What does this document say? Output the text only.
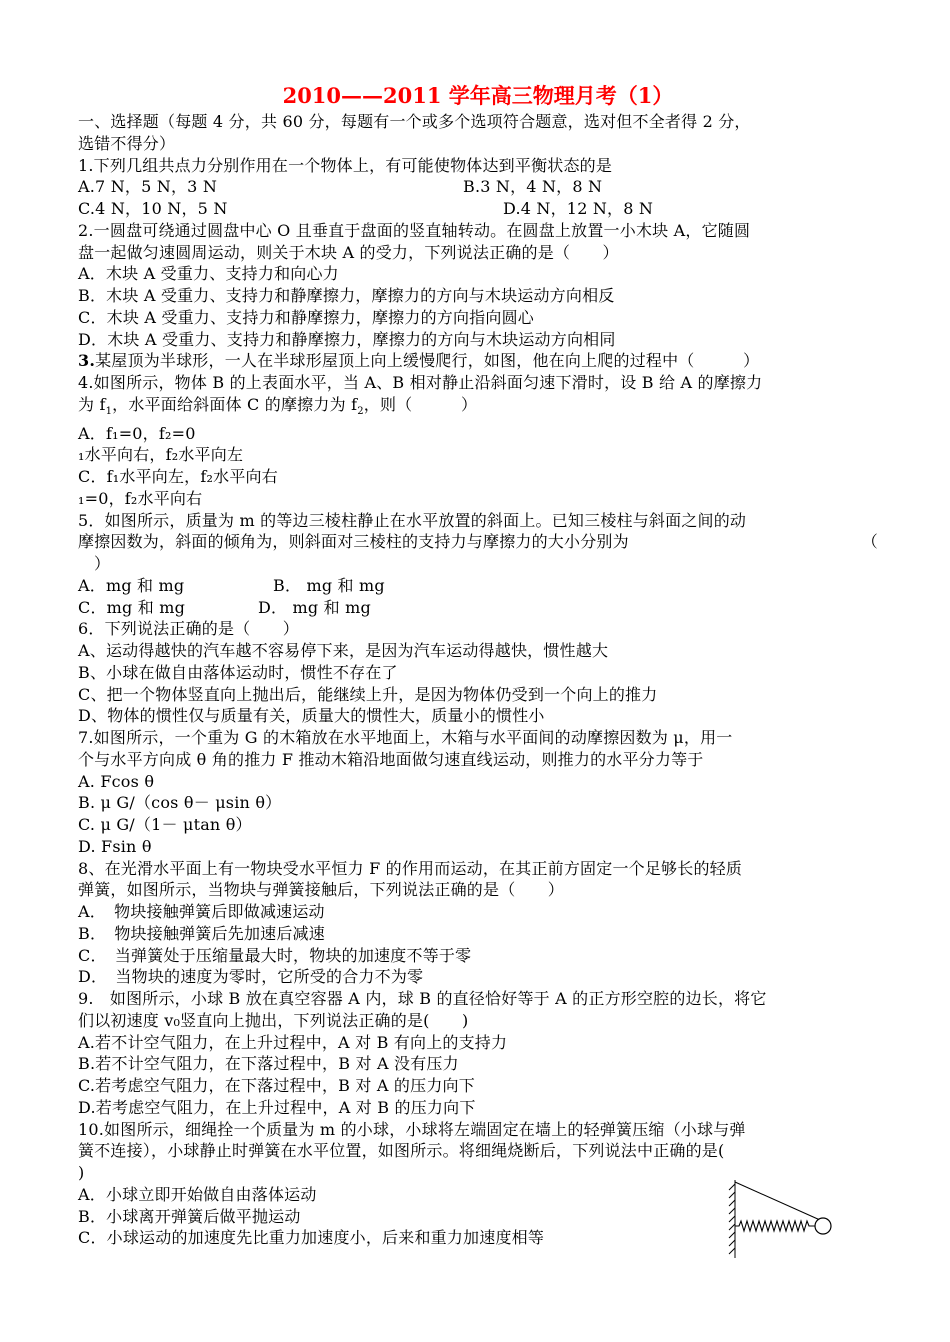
2010——2011 学年高三物理月考（1）
一、选择题（每题 4 分，共 60 分，每题有一个或多个选项符合题意，选对但不全者得 2 分，
选错不得分）
1.下列几组共点力分别作用在一个物体上，有可能使物体达到平衡状态的是
A.7 N，5 N，3 N	B.3 N，4 N，8 N
C.4 N，10 N，5 N	D.4 N，12 N，8 N
2.一圆盘可绕通过圆盘中心 O 且垂直于盘面的竖直轴转动。在圆盘上放置一小木块 A，它随圆
盘一起做匀速圆周运动，则关于木块 A 的受力，下列说法正确的是（　　）
A．木块 A 受重力、支持力和向心力
B．木块 A 受重力、支持力和静摩擦力，摩擦力的方向与木块运动方向相反
C．木块 A 受重力、支持力和静摩擦力，摩擦力的方向指向圆心
D．木块 A 受重力、支持力和静摩擦力，摩擦力的方向与木块运动方向相同
3.某屋顶为半球形，一人在半球形屋顶上向上缓慢爬行，如图，他在向上爬的过程中（　　　）
4.如图所示，物体 B 的上表面水平，当 A、B 相对静止沿斜面匀速下滑时，设 B 给 A 的摩擦力
为 $f_1$，水平面给斜面体 C 的摩擦力为 $f_2$，则（　　　）
A．f₁=0，f₂=0
₁水平向右，f₂水平向左
C．f₁水平向左，f₂水平向右
₁=0，f₂水平向右
5．如图所示，质量为 m 的等边三棱柱静止在水平放置的斜面上。已知三棱柱与斜面之间的动
摩擦因数为，斜面的倾角为，则斜面对三棱柱的支持力与摩擦力的大小分别为	（
）
A．mg 和 mg	B． mg 和 mg
C．mg 和 mg	D． mg 和 mg
6．下列说法正确的是（　　）
A、运动得越快的汽车越不容易停下来，是因为汽车运动得越快，惯性越大
B、小球在做自由落体运动时，惯性不存在了
C、把一个物体竖直向上抛出后，能继续上升，是因为物体仍受到一个向上的推力
D、物体的惯性仅与质量有关，质量大的惯性大，质量小的惯性小
7.如图所示，一个重为 G 的木箱放在水平地面上，木箱与水平面间的动摩擦因数为 μ，用一
个与水平方向成 θ 角的推力 F 推动木箱沿地面做匀速直线运动，则推力的水平分力等于
A. Fcos θ
B. μ G/（cos θ－ μsin θ）
C. μ G/（1－ μtan θ）
D. Fsin θ
8、在光滑水平面上有一物块受水平恒力 F 的作用而运动，在其正前方固定一个足够长的轻质
弹簧，如图所示，当物块与弹簧接触后，下列说法正确的是（　　）
A．　物块接触弹簧后即做减速运动
B．　物块接触弹簧后先加速后减速
C．　当弹簧处于压缩量最大时，物块的加速度不等于零
D．　当物块的速度为零时，它所受的合力不为零
9.　如图所示，小球 B 放在真空容器 A 内，球 B 的直径恰好等于 A 的正方形空腔的边长，将它
们以初速度 v₀竖直向上抛出，下列说法正确的是(　　)
A.若不计空气阻力，在上升过程中，A 对 B 有向上的支持力
B.若不计空气阻力，在下落过程中，B 对 A 没有压力
C.若考虑空气阻力，在下落过程中，B 对 A 的压力向下
D.若考虑空气阻力，在上升过程中，A 对 B 的压力向下
10.如图所示，细绳拴一个质量为 m 的小球，小球将左端固定在墙上的轻弹簧压缩（小球与弹
簧不连接），小球静止时弹簧在水平位置，如图所示。将细绳烧断后，下列说法中正确的是(
)
A．小球立即开始做自由落体运动
B．小球离开弹簧后做平抛运动
C．小球运动的加速度先比重力加速度小，后来和重力加速度相等
